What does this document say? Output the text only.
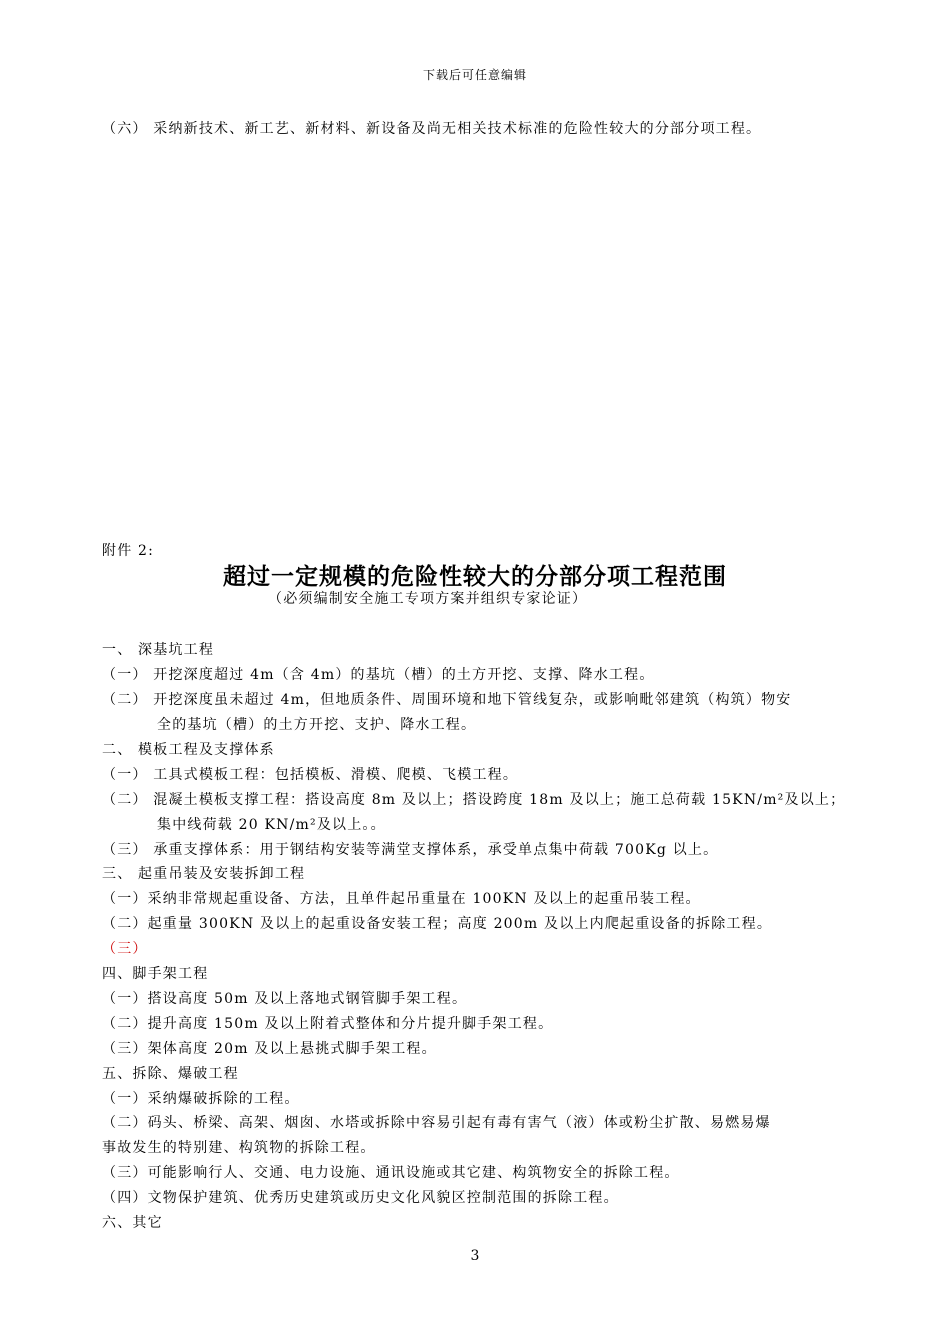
下载后可任意编辑
（六） 采纳新技术、新工艺、新材料、新设备及尚无相关技术标准的危险性较大的分部分项工程。
附件 2:
超过一定规模的危险性较大的分部分项工程范围
（必须编制安全施工专项方案并组织专家论证）
一、 深基坑工程
（一） 开挖深度超过 4m（含 4m）的基坑（槽）的土方开挖、支撑、降水工程。
（二） 开挖深度虽未超过 4m，但地质条件、周围环境和地下管线复杂，或影响毗邻建筑（构筑）物安
全的基坑（槽）的土方开挖、支护、降水工程。
二、 模板工程及支撑体系
（一） 工具式模板工程：包括模板、滑模、爬模、飞模工程。
（二） 混凝土模板支撑工程：搭设高度 8m 及以上；搭设跨度 18m 及以上；施工总荷载 15KN/m²及以上；
集中线荷载 20 KN/m²及以上。。
（三） 承重支撑体系：用于钢结构安装等满堂支撑体系，承受单点集中荷载 700Kg 以上。
三、 起重吊装及安装拆卸工程
（一）采纳非常规起重设备、方法，且单件起吊重量在 100KN 及以上的起重吊装工程。
（二）起重量 300KN 及以上的起重设备安装工程；高度 200m 及以上内爬起重设备的拆除工程。
（三）
四、脚手架工程
（一）搭设高度 50m 及以上落地式钢管脚手架工程。
（二）提升高度 150m 及以上附着式整体和分片提升脚手架工程。
（三）架体高度 20m 及以上悬挑式脚手架工程。
五、拆除、爆破工程
（一）采纳爆破拆除的工程。
（二）码头、桥梁、高架、烟囱、水塔或拆除中容易引起有毒有害气（液）体或粉尘扩散、易燃易爆
事故发生的特别建、构筑物的拆除工程。
（三）可能影响行人、交通、电力设施、通讯设施或其它建、构筑物安全的拆除工程。
（四）文物保护建筑、优秀历史建筑或历史文化风貌区控制范围的拆除工程。
六、其它
3
